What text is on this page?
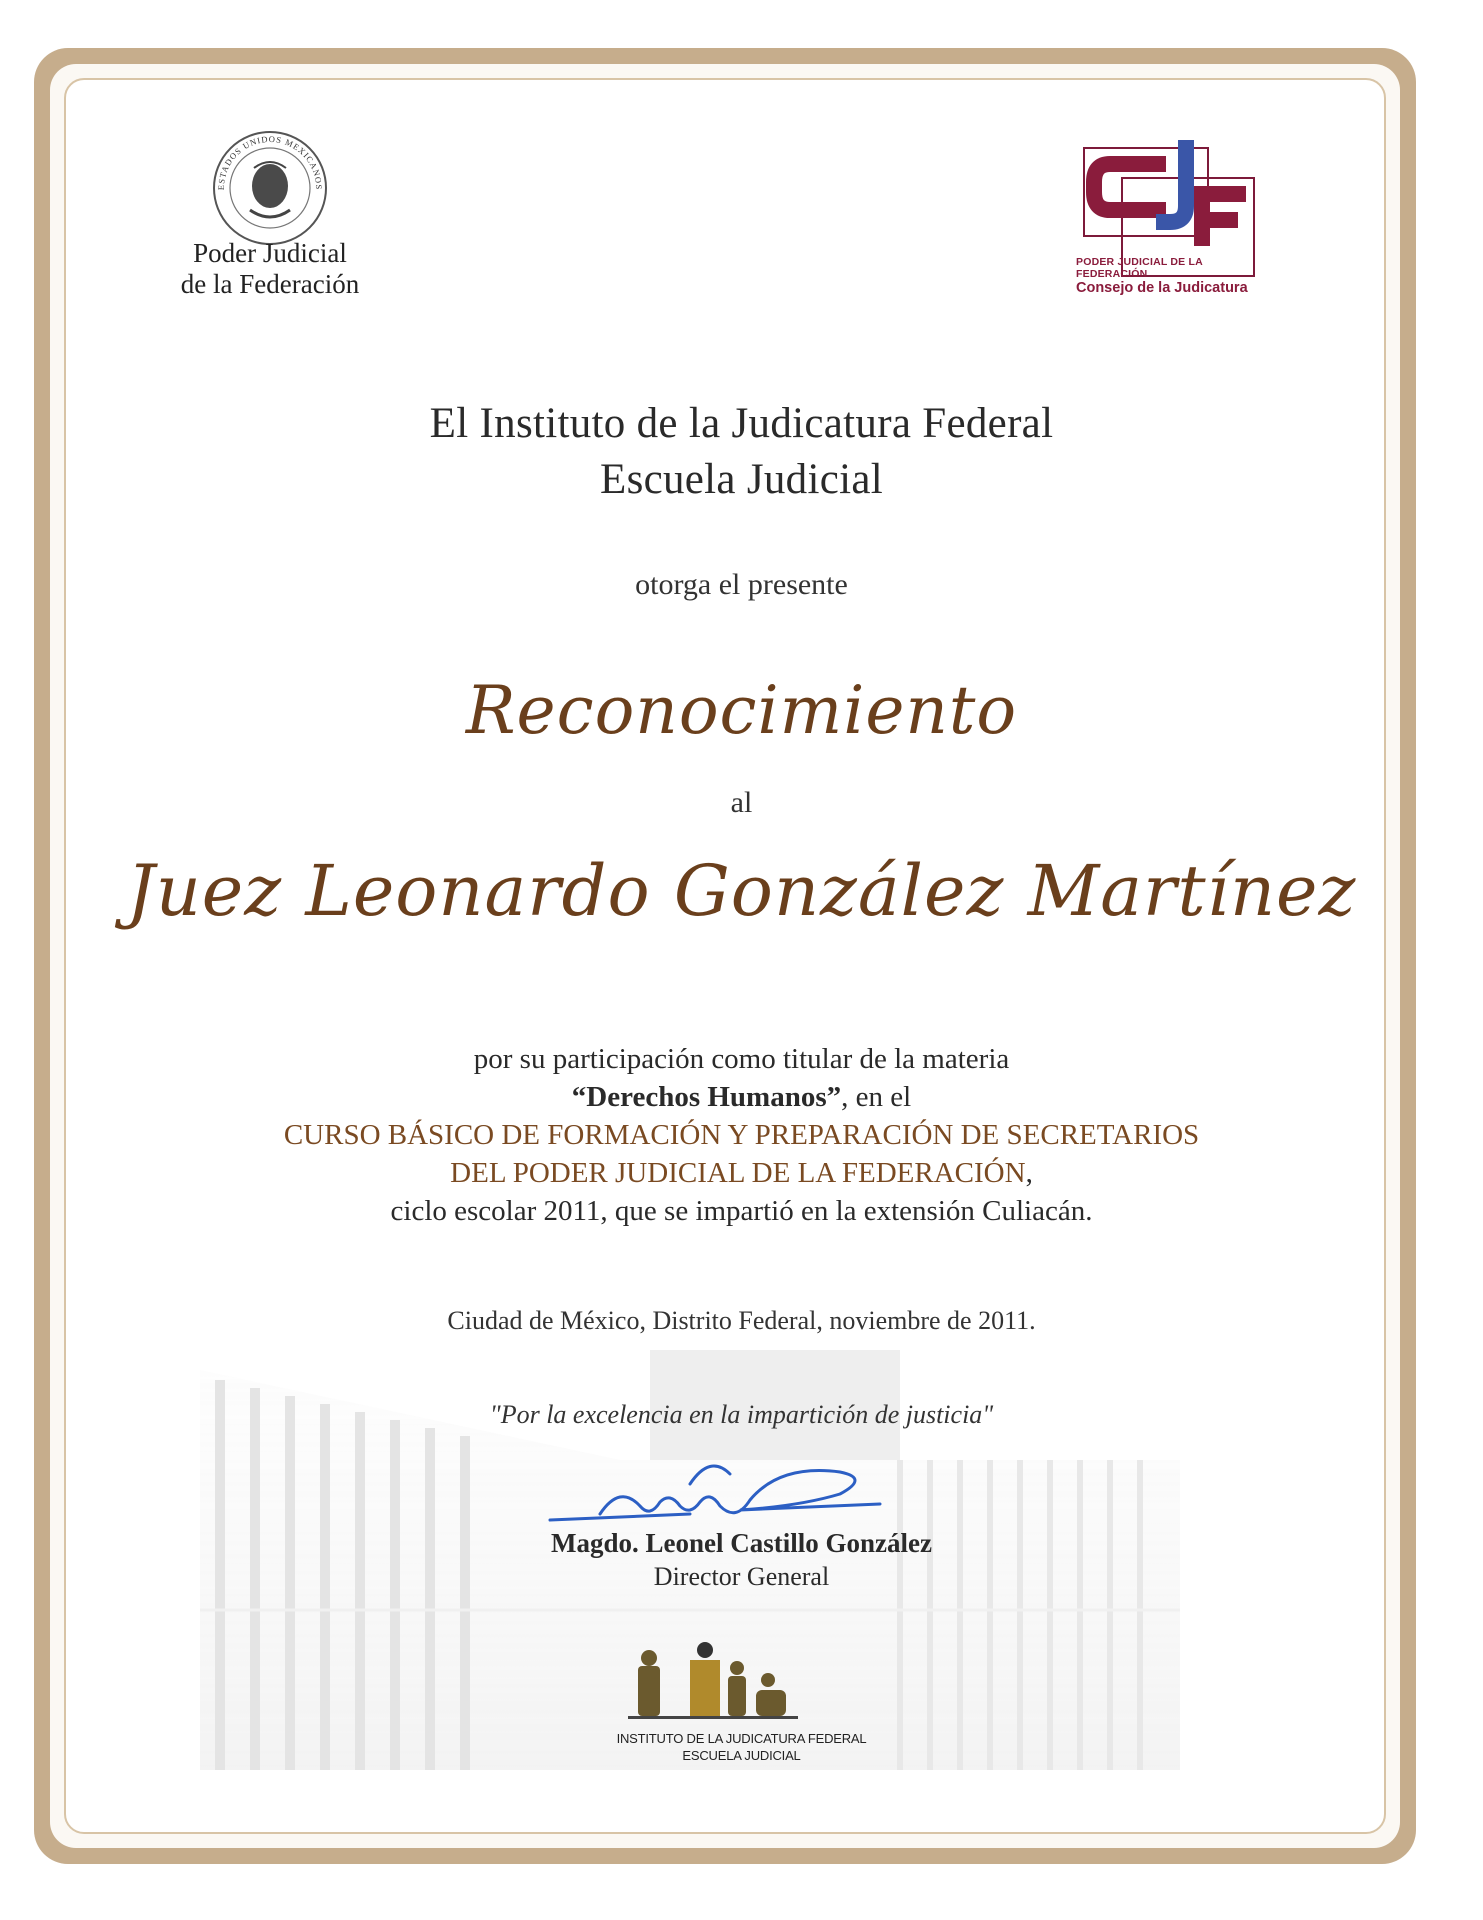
ESTADOS UNIDOS MEXICANOS
Poder Judicial
de la Federación
CJF
PODER JUDICIAL DE LA FEDERACIÓN
Consejo de la Judicatura
El Instituto de la Judicatura Federal
Escuela Judicial
otorga el presente
Reconocimiento
al
Juez Leonardo González Martínez
por su participación como titular de la materia
“Derechos Humanos”, en el
CURSO BÁSICO DE FORMACIÓN Y PREPARACIÓN DE SECRETARIOS
DEL PODER JUDICIAL DE LA FEDERACIÓN,
ciclo escolar 2011, que se impartió en la extensión Culiacán.
Ciudad de México, Distrito Federal, noviembre de 2011.
"Por la excelencia en la impartición de justicia"
Magdo. Leonel Castillo González
Director General
INSTITUTO DE LA JUDICATURA FEDERAL
ESCUELA JUDICIAL
